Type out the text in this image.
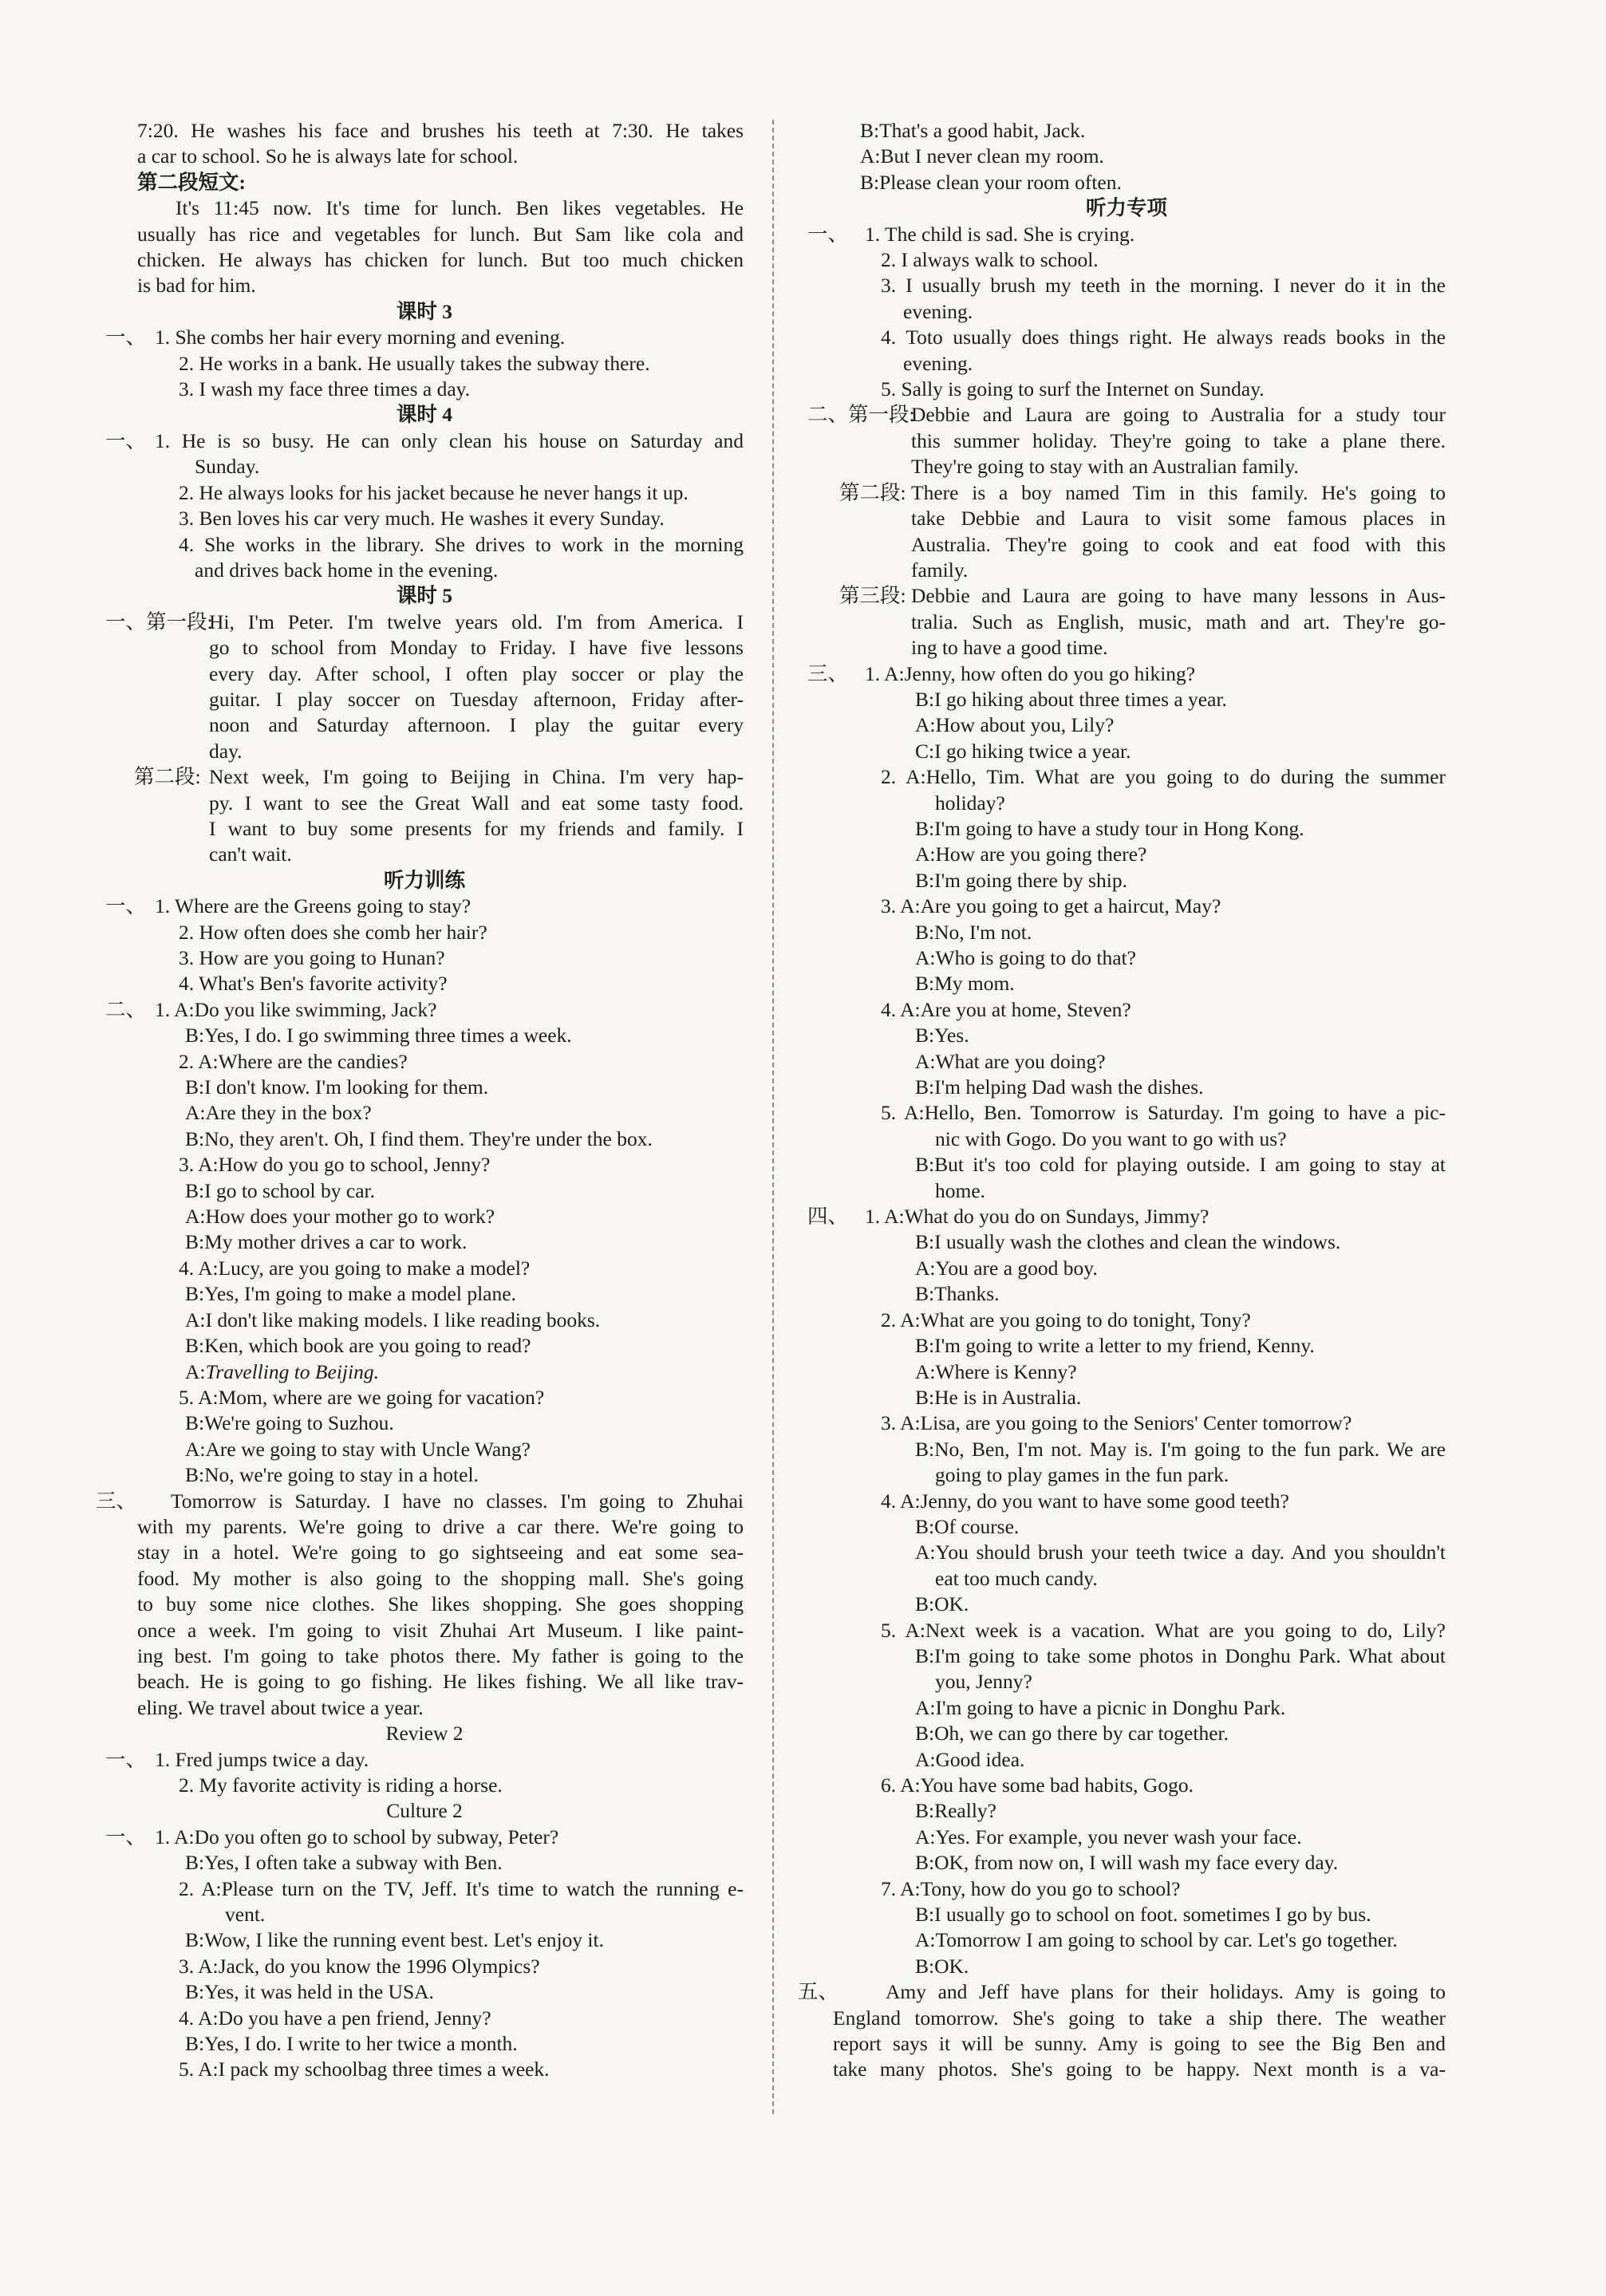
7:20. He washes his face and brushes his teeth at 7:30. He takes
a car to school. So he is always late for school.
第二段短文:
It's 11:45 now. It's time for lunch. Ben likes vegetables. He
usually has rice and vegetables for lunch. But Sam like cola and
chicken. He always has chicken for lunch. But too much chicken
is bad for him.
课时 3
一、 1. She combs her hair every morning and evening.
2. He works in a bank. He usually takes the subway there.
3. I wash my face three times a day.
课时 4
一、 1. He is so busy. He can only clean his house on Saturday and
Sunday.
2. He always looks for his jacket because he never hangs it up.
3. Ben loves his car very much. He washes it every Sunday.
4. She works in the library. She drives to work in the morning
and drives back home in the evening.
课时 5
一、第一段:
Hi, I'm Peter. I'm twelve years old. I'm from America. I
go to school from Monday to Friday. I have five lessons
every day. After school, I often play soccer or play the
guitar. I play soccer on Tuesday afternoon, Friday after-
noon and Saturday afternoon. I play the guitar every
day.
第二段: Next week, I'm going to Beijing in China. I'm very hap-
py. I want to see the Great Wall and eat some tasty food.
I want to buy some presents for my friends and family. I
can't wait.
听力训练
一、 1. Where are the Greens going to stay?
2. How often does she comb her hair?
3. How are you going to Hunan?
4. What's Ben's favorite activity?
二、 1. A:Do you like swimming, Jack?
B:Yes, I do. I go swimming three times a week.
2. A:Where are the candies?
B:I don't know. I'm looking for them.
A:Are they in the box?
B:No, they aren't. Oh, I find them. They're under the box.
3. A:How do you go to school, Jenny?
B:I go to school by car.
A:How does your mother go to work?
B:My mother drives a car to work.
4. A:Lucy, are you going to make a model?
B:Yes, I'm going to make a model plane.
A:I don't like making models. I like reading books.
B:Ken, which book are you going to read?
A:Travelling to Beijing.
5. A:Mom, where are we going for vacation?
B:We're going to Suzhou.
A:Are we going to stay with Uncle Wang?
B:No, we're going to stay in a hotel.
三、 Tomorrow is Saturday. I have no classes. I'm going to Zhuhai
with my parents. We're going to drive a car there. We're going to
stay in a hotel. We're going to go sightseeing and eat some sea-
food. My mother is also going to the shopping mall. She's going
to buy some nice clothes. She likes shopping. She goes shopping
once a week. I'm going to visit Zhuhai Art Museum. I like paint-
ing best. I'm going to take photos there. My father is going to the
beach. He is going to go fishing. He likes fishing. We all like trav-
eling. We travel about twice a year.
Review 2
一、 1. Fred jumps twice a day.
2. My favorite activity is riding a horse.
Culture 2
一、 1. A:Do you often go to school by subway, Peter?
B:Yes, I often take a subway with Ben.
2. A:Please turn on the TV, Jeff. It's time to watch the running e-
vent.
B:Wow, I like the running event best. Let's enjoy it.
3. A:Jack, do you know the 1996 Olympics?
B:Yes, it was held in the USA.
4. A:Do you have a pen friend, Jenny?
B:Yes, I do. I write to her twice a month.
5. A:I pack my schoolbag three times a week.
B:That's a good habit, Jack.
A:But I never clean my room.
B:Please clean your room often.
听力专项
一、 1. The child is sad. She is crying.
2. I always walk to school.
3. I usually brush my teeth in the morning. I never do it in the
evening.
4. Toto usually does things right. He always reads books in the
evening.
5. Sally is going to surf the Internet on Sunday.
二、第一段:
Debbie and Laura are going to Australia for a study tour
this summer holiday. They're going to take a plane there.
They're going to stay with an Australian family.
第二段: There is a boy named Tim in this family. He's going to
take Debbie and Laura to visit some famous places in
Australia. They're going to cook and eat food with this
family.
第三段: Debbie and Laura are going to have many lessons in Aus-
tralia. Such as English, music, math and art. They're go-
ing to have a good time.
三、 1. A:Jenny, how often do you go hiking?
B:I go hiking about three times a year.
A:How about you, Lily?
C:I go hiking twice a year.
2. A:Hello, Tim. What are you going to do during the summer
holiday?
B:I'm going to have a study tour in Hong Kong.
A:How are you going there?
B:I'm going there by ship.
3. A:Are you going to get a haircut, May?
B:No, I'm not.
A:Who is going to do that?
B:My mom.
4. A:Are you at home, Steven?
B:Yes.
A:What are you doing?
B:I'm helping Dad wash the dishes.
5. A:Hello, Ben. Tomorrow is Saturday. I'm going to have a pic-
nic with Gogo. Do you want to go with us?
B:But it's too cold for playing outside. I am going to stay at
home.
四、 1. A:What do you do on Sundays, Jimmy?
B:I usually wash the clothes and clean the windows.
A:You are a good boy.
B:Thanks.
2. A:What are you going to do tonight, Tony?
B:I'm going to write a letter to my friend, Kenny.
A:Where is Kenny?
B:He is in Australia.
3. A:Lisa, are you going to the Seniors' Center tomorrow?
B:No, Ben, I'm not. May is. I'm going to the fun park. We are
going to play games in the fun park.
4. A:Jenny, do you want to have some good teeth?
B:Of course.
A:You should brush your teeth twice a day. And you shouldn't
eat too much candy.
B:OK.
5. A:Next week is a vacation. What are you going to do, Lily?
B:I'm going to take some photos in Donghu Park. What about
you, Jenny?
A:I'm going to have a picnic in Donghu Park.
B:Oh, we can go there by car together.
A:Good idea.
6. A:You have some bad habits, Gogo.
B:Really?
A:Yes. For example, you never wash your face.
B:OK, from now on, I will wash my face every day.
7. A:Tony, how do you go to school?
B:I usually go to school on foot. sometimes I go by bus.
A:Tomorrow I am going to school by car. Let's go together.
B:OK.
五、 Amy and Jeff have plans for their holidays. Amy is going to
England tomorrow. She's going to take a ship there. The weather
report says it will be sunny. Amy is going to see the Big Ben and
take many photos. She's going to be happy. Next month is a va-
